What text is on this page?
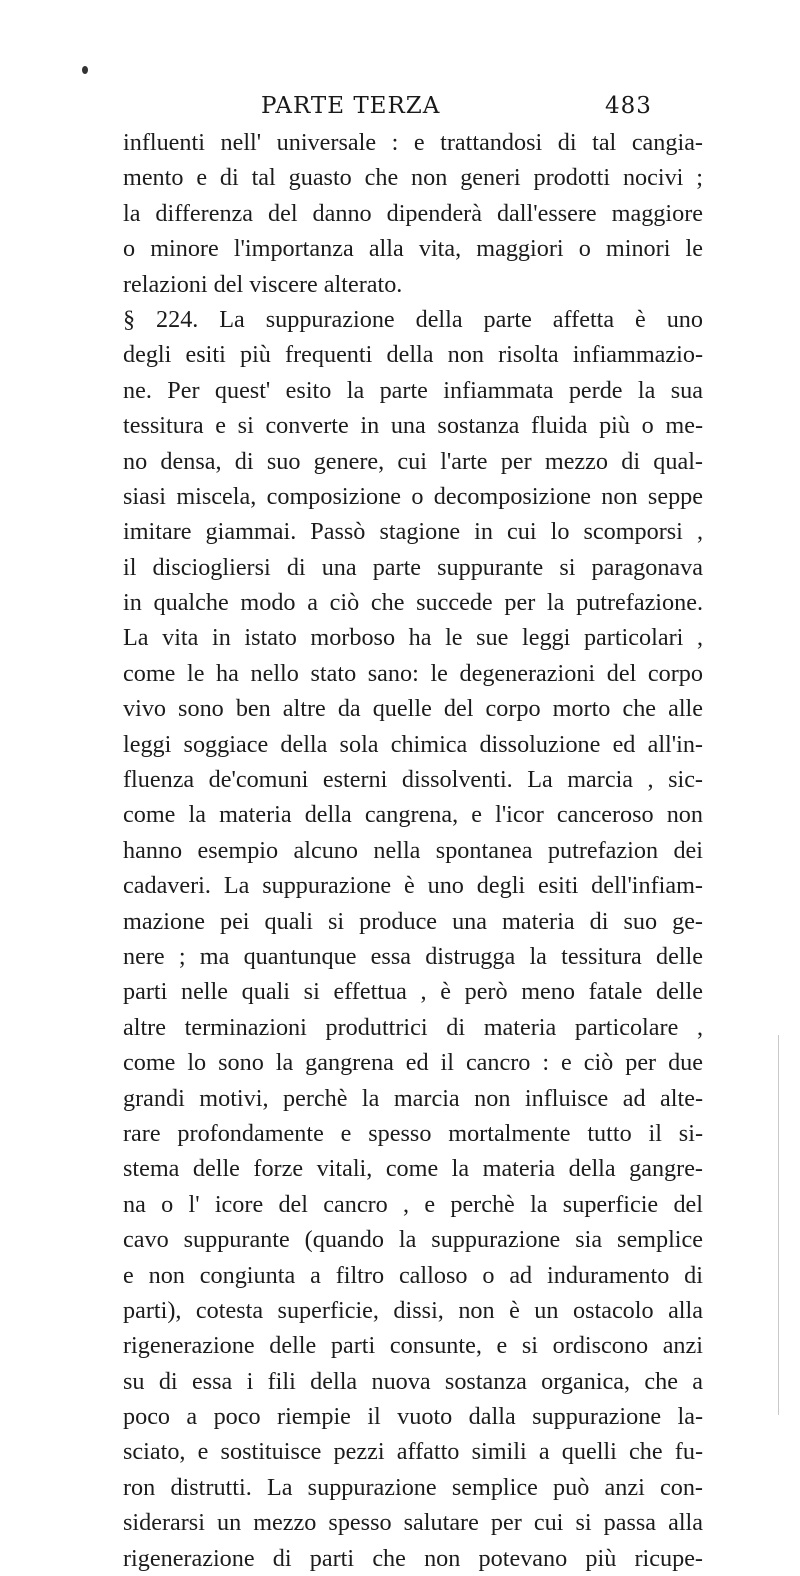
PARTE TERZA	483
influenti nell' universale : e trattandosi di tal cangia-
mento e di tal guasto che non generi prodotti nocivi ;
la differenza del danno dipenderà dall'essere maggiore
o minore l'importanza alla vita, maggiori o minori le
relazioni del viscere alterato.
§ 224. La suppurazione della parte affetta è uno
degli esiti più frequenti della non risolta infiammazio-
ne. Per quest' esito la parte infiammata perde la sua
tessitura e si converte in una sostanza fluida più o me-
no densa, di suo genere, cui l'arte per mezzo di qual-
siasi miscela, composizione o decomposizione non seppe
imitare giammai. Passò stagione in cui lo scomporsi ,
il disciogliersi di una parte suppurante si paragonava
in qualche modo a ciò che succede per la putrefazione.
La vita in istato morboso ha le sue leggi particolari ,
come le ha nello stato sano: le degenerazioni del corpo
vivo sono ben altre da quelle del corpo morto che alle
leggi soggiace della sola chimica dissoluzione ed all'in-
fluenza de'comuni esterni dissolventi. La marcia , sic-
come la materia della cangrena, e l'icor canceroso non
hanno esempio alcuno nella spontanea putrefazion dei
cadaveri. La suppurazione è uno degli esiti dell'infiam-
mazione pei quali si produce una materia di suo ge-
nere ; ma quantunque essa distrugga la tessitura delle
parti nelle quali si effettua , è però meno fatale delle
altre terminazioni produttrici di materia particolare ,
come lo sono la gangrena ed il cancro : e ciò per due
grandi motivi, perchè la marcia non influisce ad alte-
rare profondamente e spesso mortalmente tutto il si-
stema delle forze vitali, come la materia della gangre-
na o l' icore del cancro , e perchè la superficie del
cavo suppurante (quando la suppurazione sia semplice
e non congiunta a filtro calloso o ad induramento di
parti), cotesta superficie, dissi, non è un ostacolo alla
rigenerazione delle parti consunte, e si ordiscono anzi
su di essa i fili della nuova sostanza organica, che a
poco a poco riempie il vuoto dalla suppurazione la-
sciato, e sostituisce pezzi affatto simili a quelli che fu-
ron distrutti. La suppurazione semplice può anzi con-
siderarsi un mezzo spesso salutare per cui si passa alla
rigenerazione di parti che non potevano più ricupe-
